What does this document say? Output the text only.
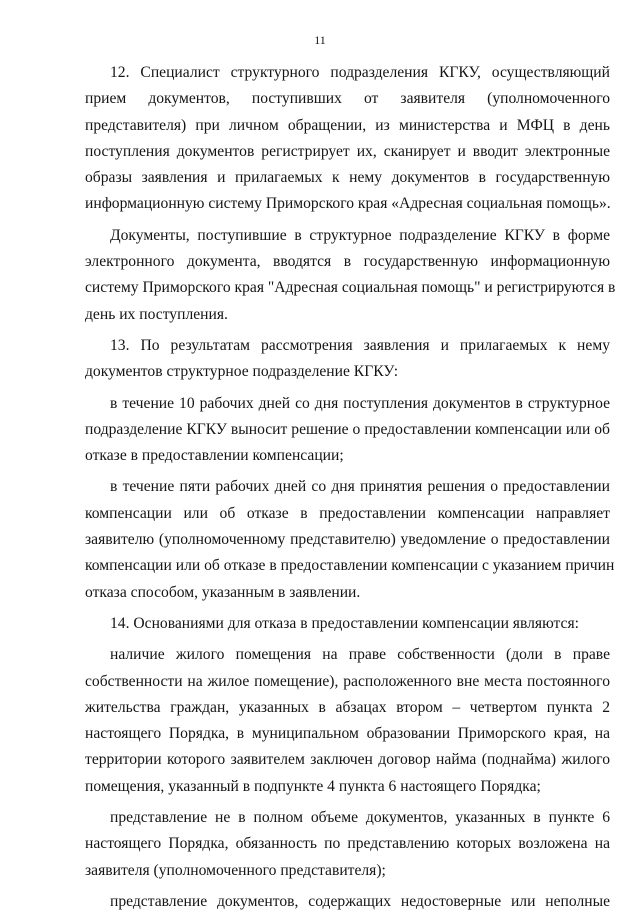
11
12. Специалист структурного подразделения КГКУ, осуществляющий
прием документов, поступивших от заявителя (уполномоченного
представителя) при личном обращении, из министерства и МФЦ в день
поступления документов регистрирует их, сканирует и вводит электронные
образы заявления и прилагаемых к нему документов в государственную
информационную систему Приморского края «Адресная социальная помощь».
Документы, поступившие в структурное подразделение КГКУ в форме
электронного документа, вводятся в государственную информационную
систему Приморского края "Адресная социальная помощь" и регистрируются в
день их поступления.
13. По результатам рассмотрения заявления и прилагаемых к нему
документов структурное подразделение КГКУ:
в течение 10 рабочих дней со дня поступления документов в структурное
подразделение КГКУ выносит решение о предоставлении компенсации или об
отказе в предоставлении компенсации;
в течение пяти рабочих дней со дня принятия решения о предоставлении
компенсации или об отказе в предоставлении компенсации направляет
заявителю (уполномоченному представителю) уведомление о предоставлении
компенсации или об отказе в предоставлении компенсации с указанием причин
отказа способом, указанным в заявлении.
14. Основаниями для отказа в предоставлении компенсации являются:
наличие жилого помещения на праве собственности (доли в праве
собственности на жилое помещение), расположенного вне места постоянного
жительства граждан, указанных в абзацах втором – четвертом пункта 2
настоящего Порядка, в муниципальном образовании Приморского края, на
территории которого заявителем заключен договор найма (поднайма) жилого
помещения, указанный в подпункте 4 пункта 6 настоящего Порядка;
представление не в полном объеме документов, указанных в пункте 6
настоящего Порядка, обязанность по представлению которых возложена на
заявителя (уполномоченного представителя);
представление документов, содержащих недостоверные или неполные
